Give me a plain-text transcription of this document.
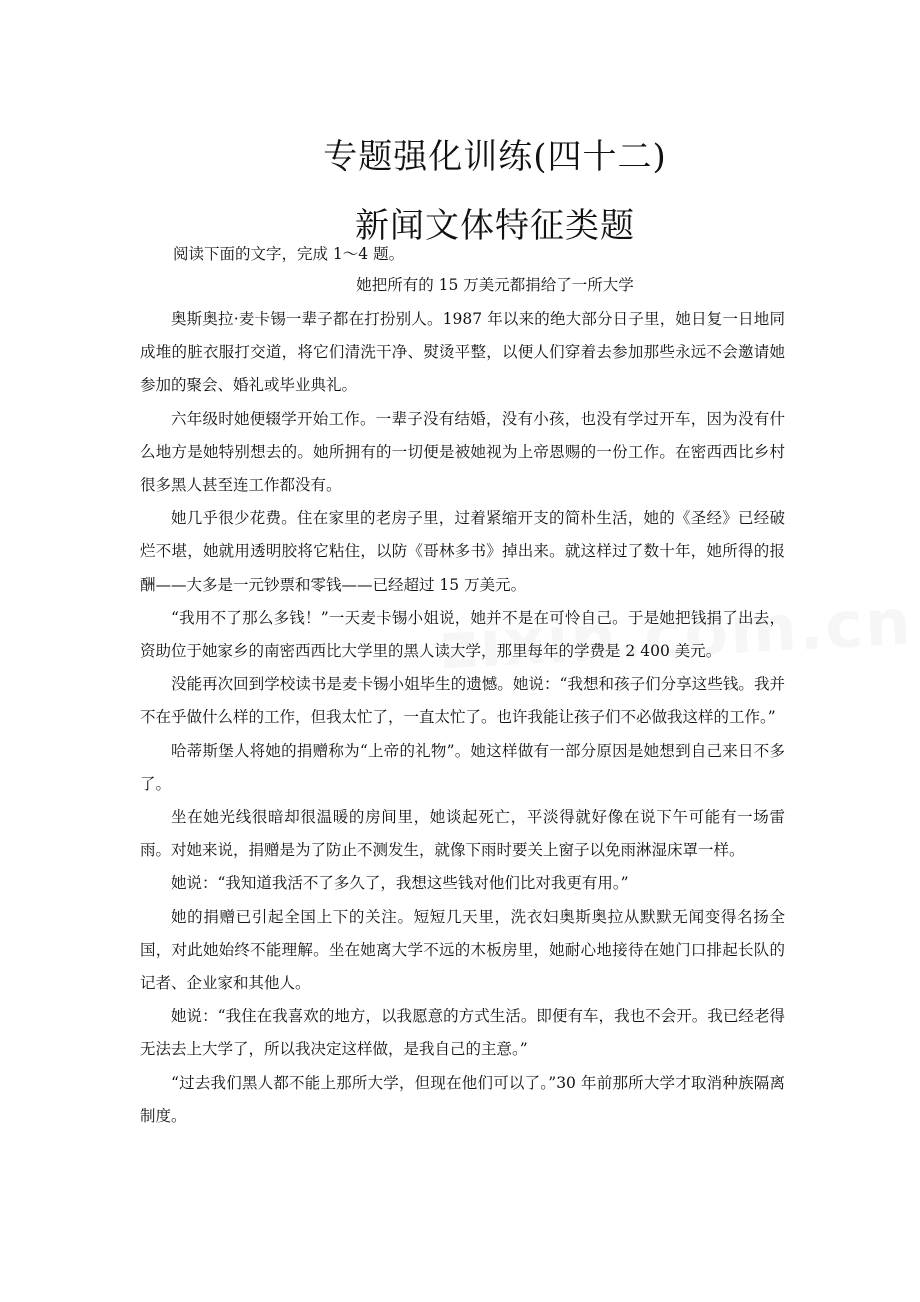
专题强化训练(四十二)
新闻文体特征类题
阅读下面的文字，完成 1～4 题。
她把所有的 15 万美元都捐给了一所大学

奥斯奥拉·麦卡锡一辈子都在打扮别人。1987 年以来的绝大部分日子里，她日复一日地同成堆的脏衣服打交道，将它们清洗干净、熨烫平整，以便人们穿着去参加那些永远不会邀请她参加的聚会、婚礼或毕业典礼。

六年级时她便辍学开始工作。一辈子没有结婚，没有小孩，也没有学过开车，因为没有什么地方是她特别想去的。她所拥有的一切便是被她视为上帝恩赐的一份工作。在密西西比乡村很多黑人甚至连工作都没有。

她几乎很少花费。住在家里的老房子里，过着紧缩开支的简朴生活，她的《圣经》已经破烂不堪，她就用透明胶将它粘住，以防《哥林多书》掉出来。就这样过了数十年，她所得的报酬——大多是一元钞票和零钱——已经超过 15 万美元。

“我用不了那么多钱！”一天麦卡锡小姐说，她并不是在可怜自己。于是她把钱捐了出去，资助位于她家乡的南密西西比大学里的黑人读大学，那里每年的学费是 2 400 美元。

没能再次回到学校读书是麦卡锡小姐毕生的遗憾。她说：“我想和孩子们分享这些钱。我并不在乎做什么样的工作，但我太忙了，一直太忙了。也许我能让孩子们不必做我这样的工作。”

哈蒂斯堡人将她的捐赠称为“上帝的礼物”。她这样做有一部分原因是她想到自己来日不多了。

坐在她光线很暗却很温暖的房间里，她谈起死亡，平淡得就好像在说下午可能有一场雷雨。对她来说，捐赠是为了防止不测发生，就像下雨时要关上窗子以免雨淋湿床罩一样。

她说：“我知道我活不了多久了，我想这些钱对他们比对我更有用。”

她的捐赠已引起全国上下的关注。短短几天里，洗衣妇奥斯奥拉从默默无闻变得名扬全国，对此她始终不能理解。坐在她离大学不远的木板房里，她耐心地接待在她门口排起长队的记者、企业家和其他人。

她说：“我住在我喜欢的地方，以我愿意的方式生活。即便有车，我也不会开。我已经老得无法去上大学了，所以我决定这样做，是我自己的主意。”

“过去我们黑人都不能上那所大学，但现在他们可以了。”30 年前那所大学才取消种族隔离制度。
